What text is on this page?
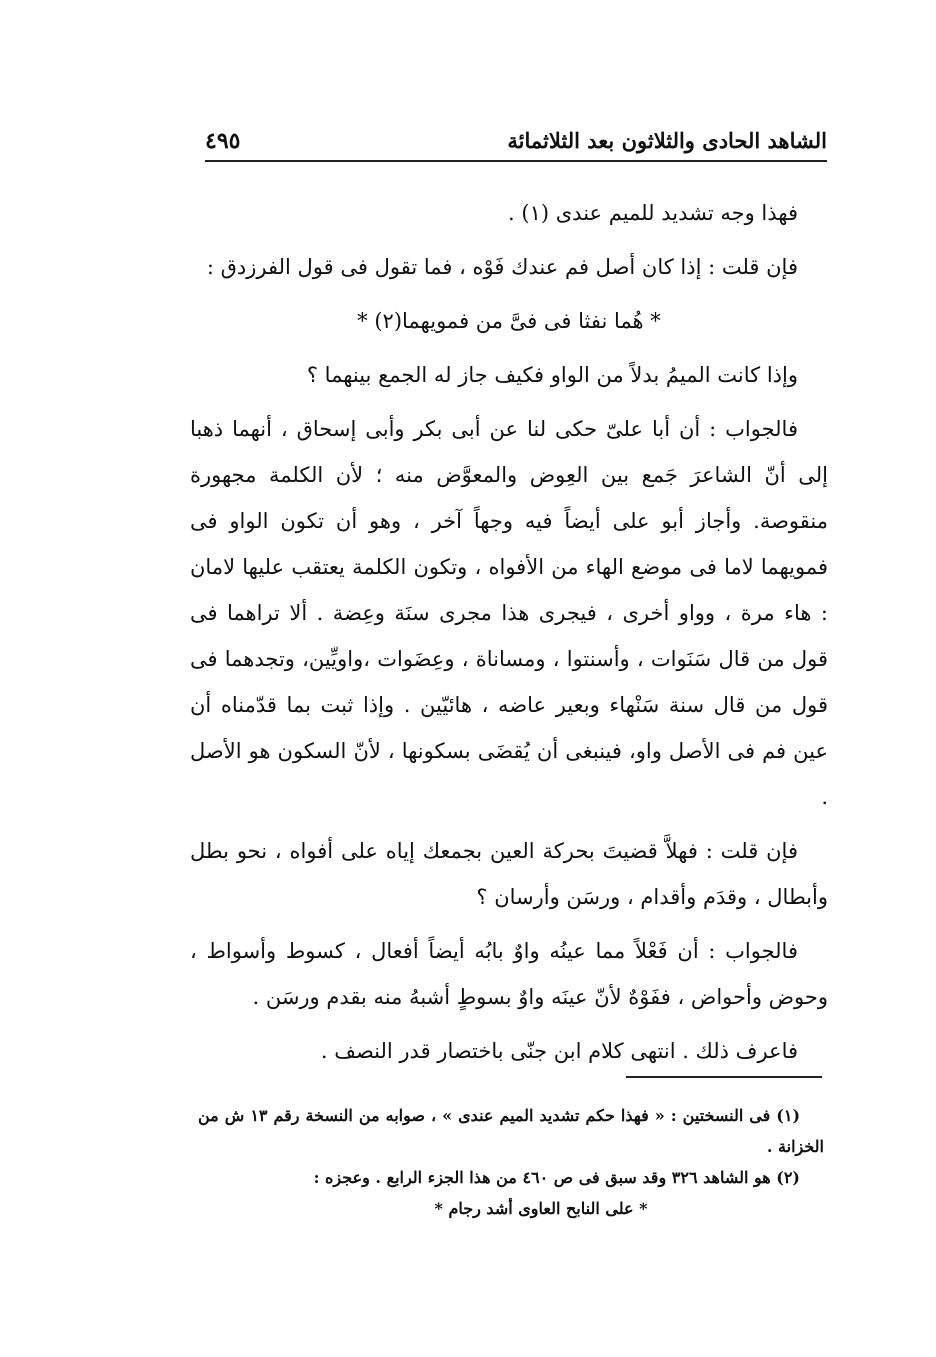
الشاهد الحادى والثلاثون بعد الثلاثمائة
٤٩٥

فهذا وجه تشديد للميم عندى (١) .

فإن قلت : إذا كان أصل فم عندك فَوْه ، فما تقول فى قول الفرزدق :

* هُما نفثا فى فىَّ من فمويهما(٢) *

وإذا كانت الميمُ بدلاً من الواو فكيف جاز له الجمع بينهما ؟

فالجواب : أن أبا علىّ حكى لنا عن أبى بكر وأبى إسحاق ، أنهما ذهبا إلى أنّ الشاعرَ جَمع بين العِوض والمعوَّض منه ؛ لأن الكلمة مجهورة منقوصة. وأجاز أبو على أيضاً فيه وجهاً آخر ، وهو أن تكون الواو فى فمويهما لاما فى موضع الهاء من الأفواه ، وتكون الكلمة يعتقب عليها لامان : هاء مرة ، وواو أخرى ، فيجرى هذا مجرى سنَة وعِضة . ألا تراهما فى قول من قال سَنَوات ، وأسنتوا ، ومساناة ، وعِضَوات ،واويِّين، وتجدهما فى قول من قال سنة سَنْهاء وبعير عاضه ، هائيّين . وإذا ثبت بما قدّمناه أن عين فم فى الأصل واو، فينبغى أن يُقضَى بسكونها ، لأنّ السكون هو الأصل .

فإن قلت : فهلاَّ قضيتَ بحركة العين بجمعك إياه على أفواه ، نحو بطل وأبطال ، وقدَم وأقدام ، ورسَن وأرسان ؟

فالجواب : أن فَعْلاً مما عينُه واوٌ بابُه أيضاً أفعال ، كسوط وأسواط ، وحوض وأحواض ، ففَوْهٌ لأنّ عينَه واوٌ بسوطٍ أشبهُ منه بقدم ورسَن .

فاعرف ذلك . انتهى كلام ابن جنّى باختصار قدر النصف .

(١) فى النسختين : « فهذا حكم تشديد الميم عندى » ، صوابه من النسخة رقم ١٣ ش من الخزانة .

(٢) هو الشاهد ٣٢٦ وقد سبق فى ص ٤٦٠ من هذا الجزء الرابع . وعجزه :

* على النابح العاوى أشد رجام *
